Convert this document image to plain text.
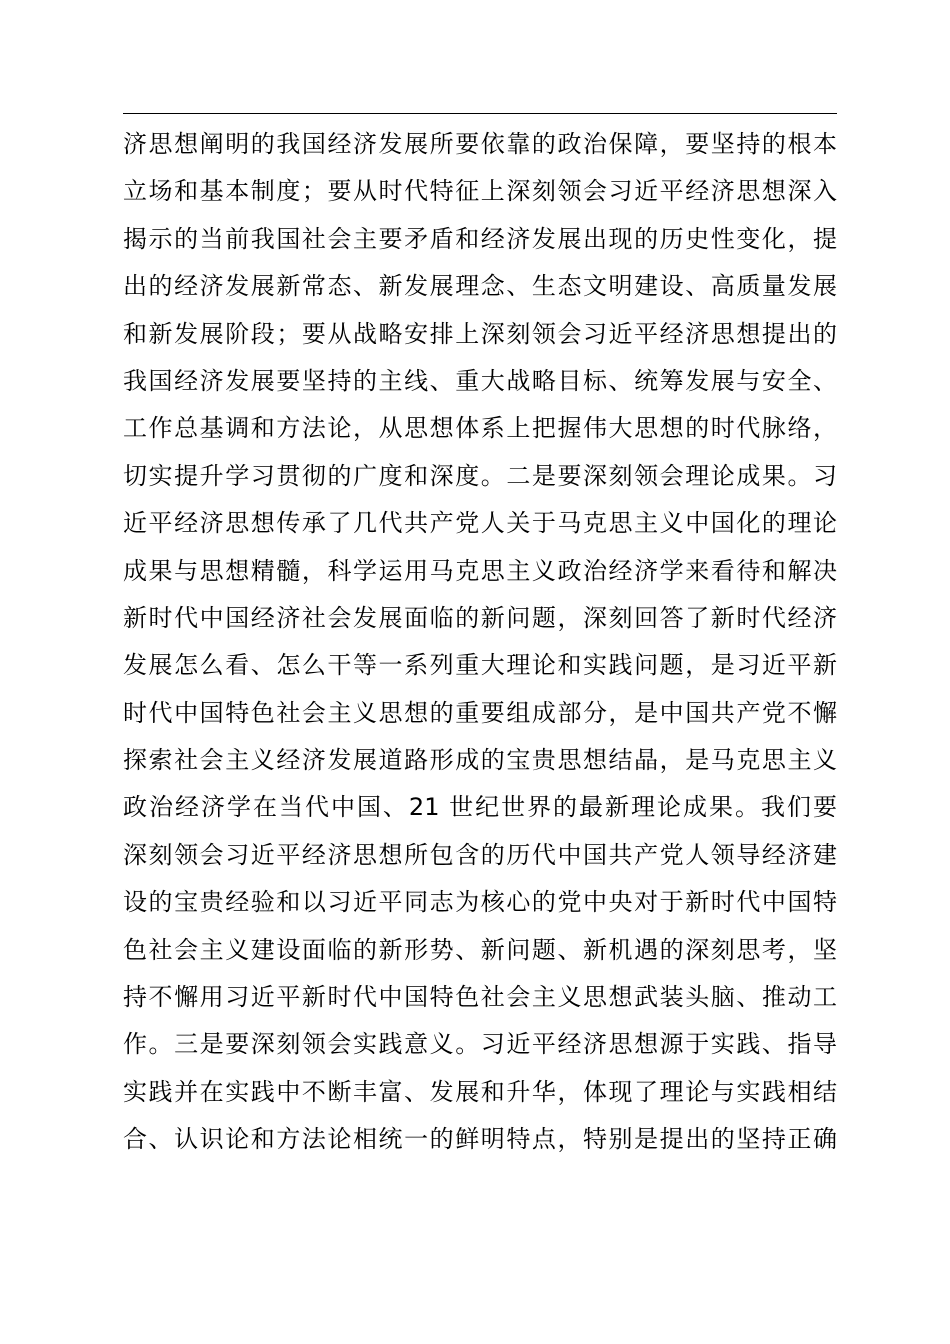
济思想阐明的我国经济发展所要依靠的政治保障，要坚持的根本
立场和基本制度；要从时代特征上深刻领会习近平经济思想深入
揭示的当前我国社会主要矛盾和经济发展出现的历史性变化，提
出的经济发展新常态、新发展理念、生态文明建设、高质量发展
和新发展阶段；要从战略安排上深刻领会习近平经济思想提出的
我国经济发展要坚持的主线、重大战略目标、统筹发展与安全、
工作总基调和方法论，从思想体系上把握伟大思想的时代脉络，
切实提升学习贯彻的广度和深度。二是要深刻领会理论成果。习
近平经济思想传承了几代共产党人关于马克思主义中国化的理论
成果与思想精髓，科学运用马克思主义政治经济学来看待和解决
新时代中国经济社会发展面临的新问题，深刻回答了新时代经济
发展怎么看、怎么干等一系列重大理论和实践问题，是习近平新
时代中国特色社会主义思想的重要组成部分，是中国共产党不懈
探索社会主义经济发展道路形成的宝贵思想结晶，是马克思主义
政治经济学在当代中国、21 世纪世界的最新理论成果。我们要
深刻领会习近平经济思想所包含的历代中国共产党人领导经济建
设的宝贵经验和以习近平同志为核心的党中央对于新时代中国特
色社会主义建设面临的新形势、新问题、新机遇的深刻思考，坚
持不懈用习近平新时代中国特色社会主义思想武装头脑、推动工
作。三是要深刻领会实践意义。习近平经济思想源于实践、指导
实践并在实践中不断丰富、发展和升华，体现了理论与实践相结
合、认识论和方法论相统一的鲜明特点，特别是提出的坚持正确
